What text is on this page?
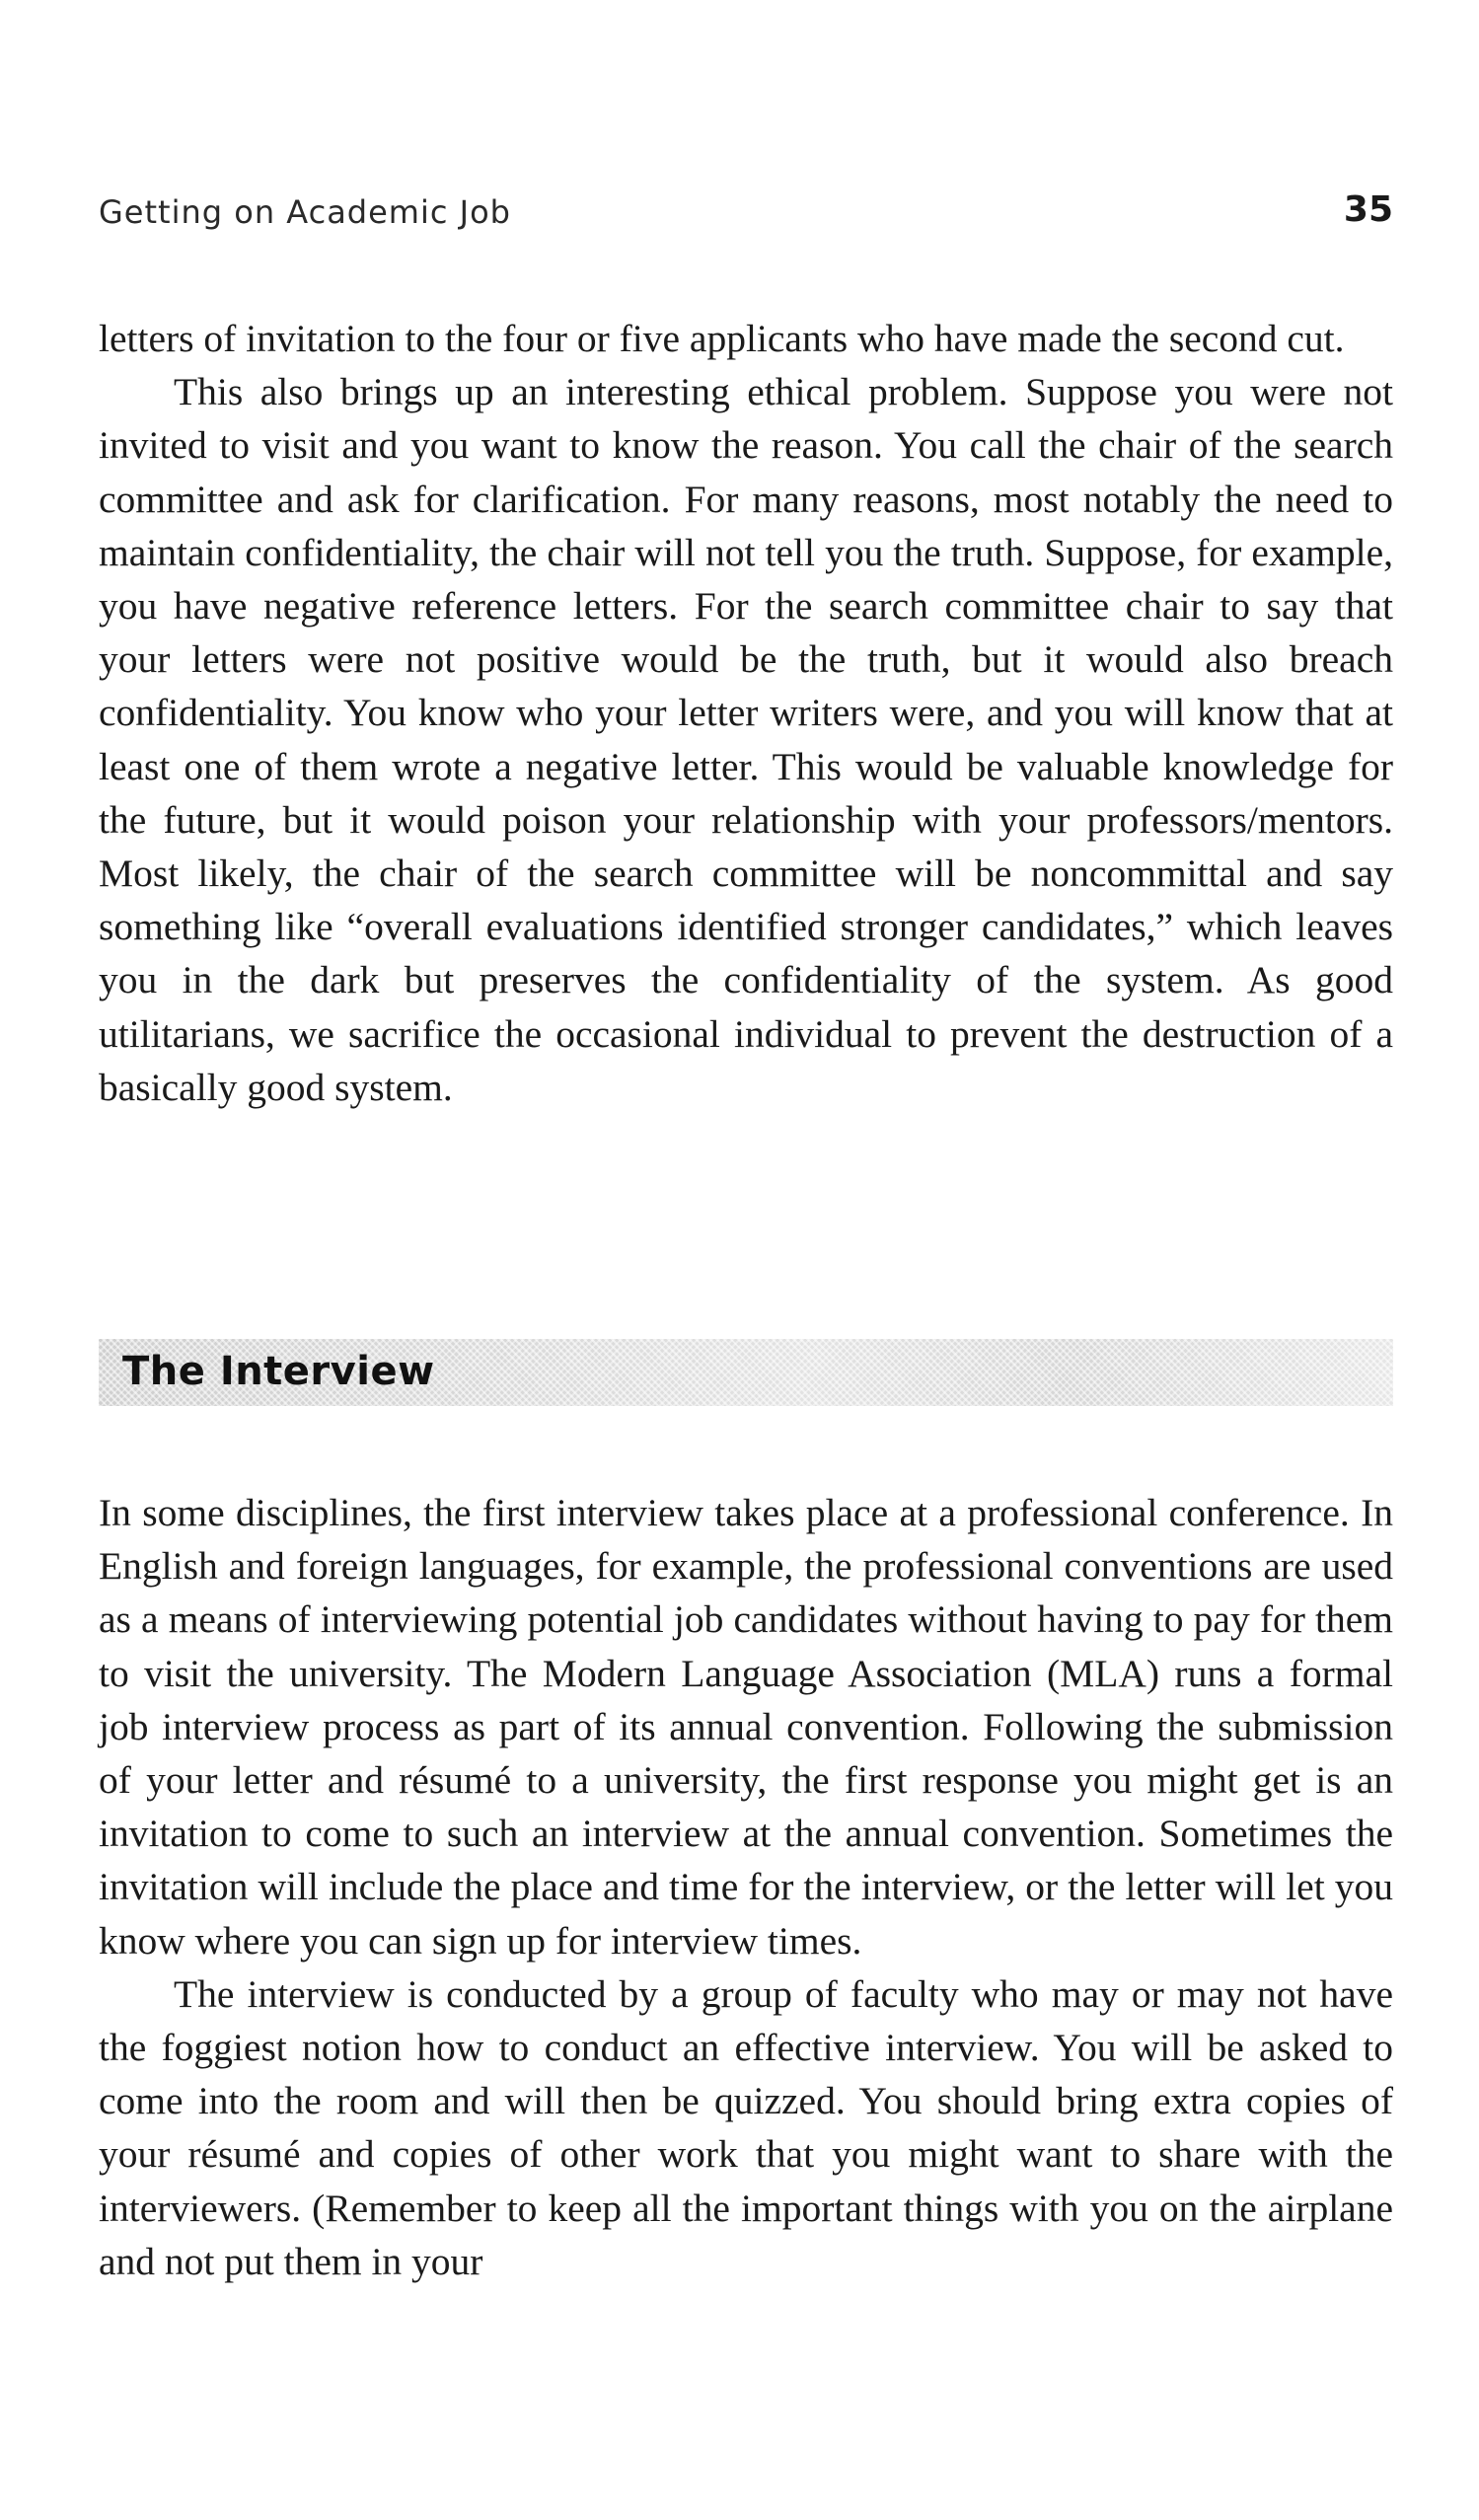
Getting on Academic Job	35

letters of invitation to the four or five applicants who have made the second cut.

This also brings up an interesting ethical problem. Suppose you were not invited to visit and you want to know the reason. You call the chair of the search committee and ask for clarification. For many reasons, most notably the need to maintain confidentiality, the chair will not tell you the truth. Suppose, for example, you have negative reference letters. For the search committee chair to say that your letters were not positive would be the truth, but it would also breach confidentiality. You know who your letter writers were, and you will know that at least one of them wrote a negative letter. This would be valuable knowledge for the future, but it would poison your relationship with your professors/mentors. Most likely, the chair of the search committee will be noncommittal and say something like “overall evaluations identified stronger candidates,” which leaves you in the dark but preserves the confidentiality of the system. As good utilitarians, we sacrifice the occasional individual to prevent the destruction of a basically good system.

The Interview

In some disciplines, the first interview takes place at a professional conference. In English and foreign languages, for example, the professional conventions are used as a means of interviewing potential job candidates without having to pay for them to visit the university. The Modern Language Association (MLA) runs a formal job interview process as part of its annual convention. Following the submission of your letter and résumé to a university, the first response you might get is an invitation to come to such an interview at the annual convention. Sometimes the invitation will include the place and time for the interview, or the letter will let you know where you can sign up for interview times.

The interview is conducted by a group of faculty who may or may not have the foggiest notion how to conduct an effective interview. You will be asked to come into the room and will then be quizzed. You should bring extra copies of your résumé and copies of other work that you might want to share with the interviewers. (Remember to keep all the important things with you on the airplane and not put them in your
